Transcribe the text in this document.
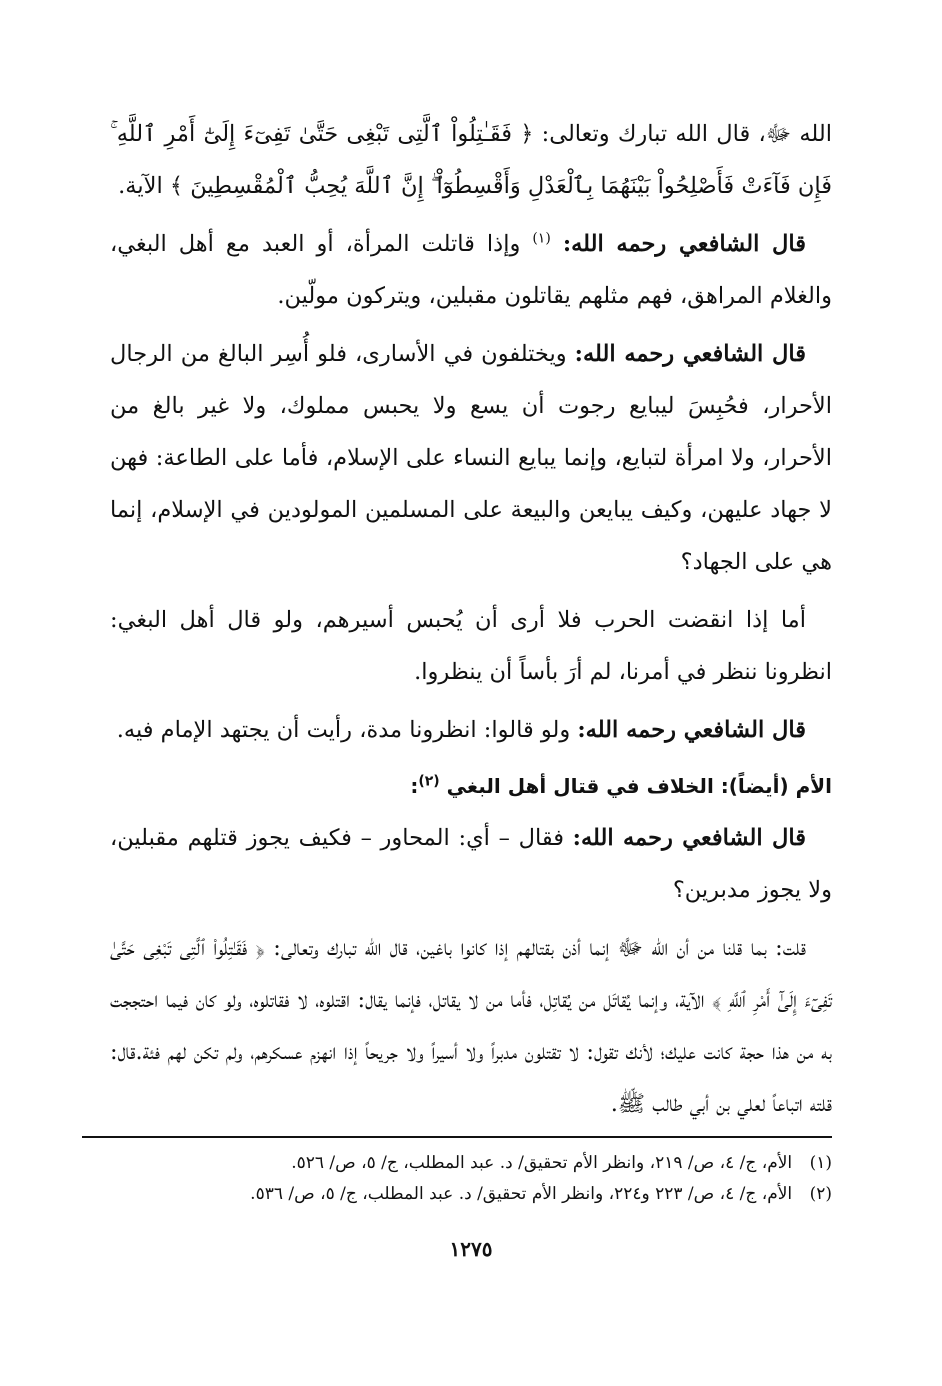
الله ﷻ، قال الله تبارك وتعالى: ﴿ فَقَـٰتِلُواْ ٱلَّتِى تَبْغِى حَتَّىٰ تَفِىٓءَ إِلَىٰٓ أَمْرِ ٱللَّهِ ۚ فَإِن فَآءَتْ فَأَصْلِحُواْ بَيْنَهُمَا بِٱلْعَدْلِ وَأَقْسِطُوٓاْ ۖ إِنَّ ٱللَّهَ يُحِبُّ ٱلْمُقْسِطِينَ ﴾ الآية.

قال الشافعي رحمه الله: $^{(١)}$ وإذا قاتلت المرأة، أو العبد مع أهل البغي، والغلام المراهق، فهم مثلهم يقاتلون مقبلين، ويتركون مولّين.

قال الشافعي رحمه الله: ويختلفون في الأسارى، فلو أُسِر البالغ من الرجال الأحرار، فحُبِسَ ليبايع رجوت أن يسع ولا يحبس مملوك، ولا غير بالغ من الأحرار، ولا امرأة لتبايع، وإنما يبايع النساء على الإسلام، فأما على الطاعة: فهن لا جهاد عليهن، وكيف يبايعن والبيعة على المسلمين المولودين في الإسلام، إنما هي على الجهاد؟

أما إذا انقضت الحرب فلا أرى أن يُحبس أسيرهم، ولو قال أهل البغي: انظرونا ننظر في أمرنا، لم أرَ بأساً أن ينظروا.

قال الشافعي رحمه الله: ولو قالوا: انظرونا مدة، رأيت أن يجتهد الإمام فيه.

الأم (أيضاً): الخلاف في قتال أهل البغي $^{(٢)}$:

قال الشافعي رحمه الله: فقال – أي: المحاور – فكيف يجوز قتلهم مقبلين، ولا يجوز مدبرين؟

قلت: بما قلنا من أن الله ﷻ إنما أذن بقتالهم إذا كانوا باغين، قال الله تبارك وتعالى: ﴿ فَقَـٰتِلُواْ ٱلَّتِى تَبْغِى حَتَّىٰ تَفِىٓءَ إِلَىٰٓ أَمْرِ ٱللَّهِ ﴾ الآية، وإنما يُقاتَل من يُقاتِل، فأما من لا يقاتل، فإنما يقال: اقتلوه، لا فقاتلوه، ولو كان فيما احتججت به من هذا حجة كانت عليك؛ لأنك تقول: لا تقتلون مدبراً ولا أسيراً ولا جريحاً إذا انهزم عسكرهم، ولم تكن لهم فئة.قال: قلته اتباعاً لعلي بن أبي طالب ﷺ.

(١) الأم، ج/ ٤، ص/ ٢١٩، وانظر الأم تحقيق/ د. عبد المطلب، ج/ ٥، ص/ ٥٢٦.

(٢) الأم، ج/ ٤، ص/ ٢٢٣ و٢٢٤، وانظر الأم تحقيق/ د. عبد المطلب، ج/ ٥، ص/ ٥٣٦.

١٢٧٥
